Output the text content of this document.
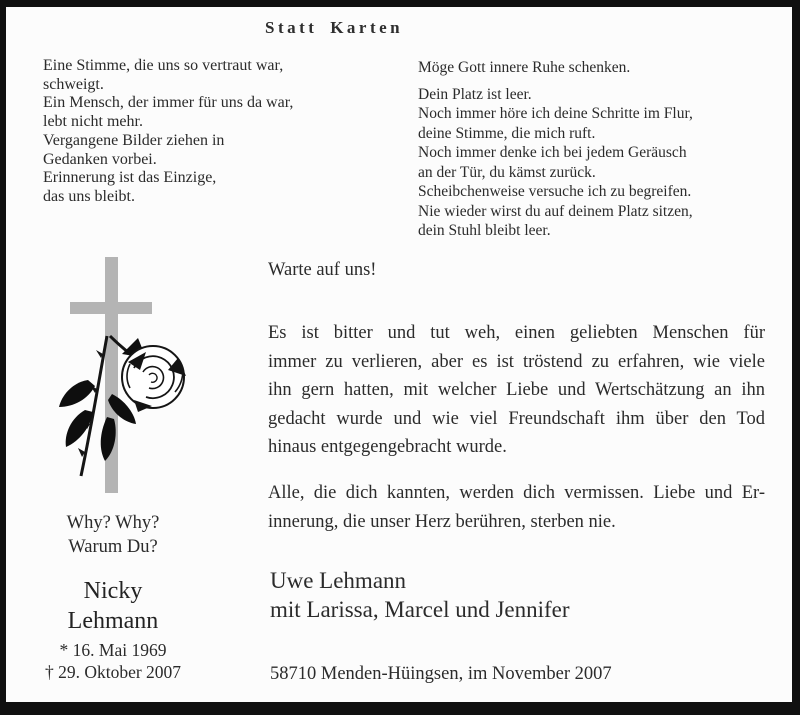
Statt Karten
Eine Stimme, die uns so vertraut war,
schweigt.
Ein Mensch, der immer für uns da war,
lebt nicht mehr.
Vergangene Bilder ziehen in
Gedanken vorbei.
Erinnerung ist das Einzige,
das uns bleibt.
Möge Gott innere Ruhe schenken.
Dein Platz ist leer.
Noch immer höre ich deine Schritte im Flur,
deine Stimme, die mich ruft.
Noch immer denke ich bei jedem Geräusch
an der Tür, du kämst zurück.
Scheibchenweise versuche ich zu begreifen.
Nie wieder wirst du auf deinem Platz sitzen,
dein Stuhl bleibt leer.
Warte auf uns!
Es ist bitter und tut weh, einen geliebten Menschen für
immer zu verlieren, aber es ist tröstend zu erfahren, wie viele
ihn gern hatten, mit welcher Liebe und Wertschätzung an ihn
gedacht wurde und wie viel Freundschaft ihm über den Tod
hinaus entgegengebracht wurde.
Alle, die dich kannten, werden dich vermissen. Liebe und Er-
innerung, die unser Herz berühren, sterben nie.
Uwe Lehmann
mit Larissa, Marcel und Jennifer
58710 Menden-Hüingsen, im November 2007
Why? Why?
Warum Du?
Nicky
Lehmann
* 16. Mai 1969
† 29. Oktober 2007
